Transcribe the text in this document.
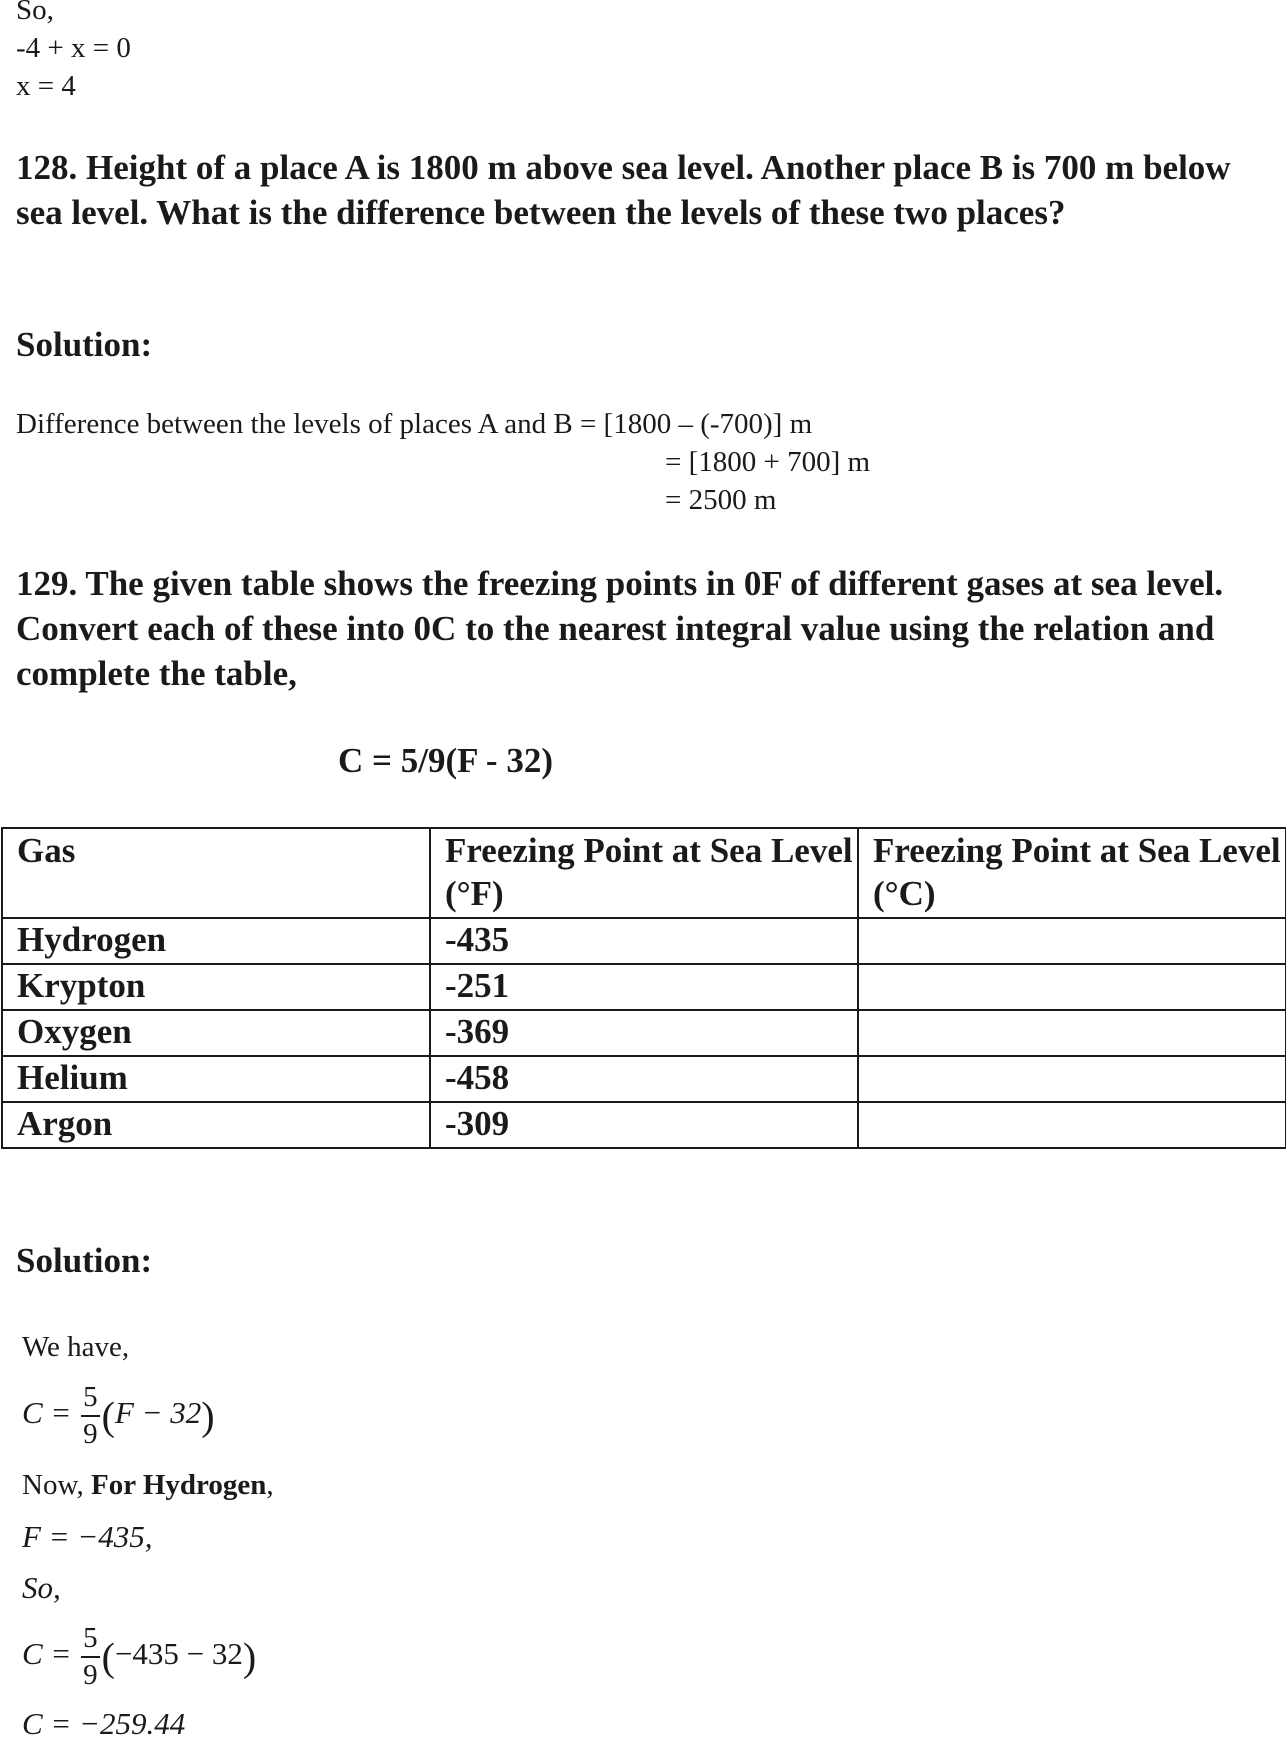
So,
-4 + x = 0
x = 4
128. Height of a place A is 1800 m above sea level. Another place B is 700 m below sea level. What is the difference between the levels of these two places?
Solution:
Difference between the levels of places A and B = [1800 – (-700)] m
= [1800 + 700] m
= 2500 m
129. The given table shows the freezing points in 0F of different gases at sea level. Convert each of these into 0C to the nearest integral value using the relation and complete the table,
C = 5/9(F - 32)
Gas	Freezing Point at Sea Level (°F)	Freezing Point at Sea Level (°C)
Hydrogen	-435	
Krypton	-251	
Oxygen	-369	
Helium	-458	
Argon	-309	
Solution:
We have,
$C = \frac{5}{9} (F - 32)$
Now, For Hydrogen,
F = −435,
So,
$C = \frac{5}{9} (-435 - 32)$
C = −259.44
